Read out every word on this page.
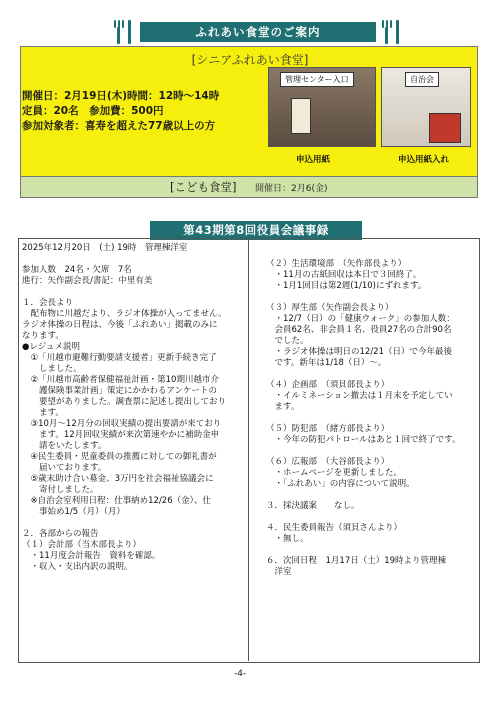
ふれあい食堂のご案内
[シニアふれあい食堂]
開催日：2月19日(木)時間：12時～14時
定員：20名　参加費：500円
参加対象者：喜寿を超えた77歳以上の方
管理センター入口	自治会
申込用紙	申込用紙入れ
[こども食堂] 開催日：2月6(金)
第43期第8回役員会議事録
2025年12月20日　(土) 19時　管理棟洋室

参加人数　24名・欠席　7名
進行：矢作副会長/書記：中里有美

１．会長より
　配布物に川越だより、ラジオ体操が入ってません。
ラジオ体操の日程は、今後「ふれあい」掲載のみに
なります。
●レジュメ説明
　①「川越市避難行動要請支援者」更新手続き完了
　　しました。
　②「川越市高齢者保健福祉計画・第10期川越市介
　　護保険事業計画」策定にかかわるアンケートの
　　要望がありました。調査票に記述し提出しており
　　ます。
　③10月～12月分の回収実績の提出要請が来ており
　　ます。12月回収実績が来次第速やかに補助金申
　　請をいたします。
　④民生委員・児童委員の推薦に対しての御礼書が
　　届いております。
　⑤歳末助け合い募金、3万円を社会福祉協議会に
　　寄付しました。
　※自治会室利用日程：仕事納め12/26（金）、仕
　　事始め1/5（月）（月）

２．各部からの報告
（１）会計部（当木部長より）
　・11月度会計報告　資料を確認。
　・収入・支出内訳の説明。
（２）生活環境部　（矢作部長より）
　・11月の古紙回収は本日で３回終了。
　・1月1回目は第2週(1/10)にずれます。

（３）厚生部（矢作副会長より）
　・12/7（日）の「健康ウォーク」の参加人数：
　会員62名、非会員１名、役員27名の合計90名
　でした。
　・ラジオ体操は明日の12/21（日）で今年最後
　です。新年は1/18（日）～。

（４）企画部　（須貝部長より）
　・イルミネーション撤去は１月末を予定してい
　ます。

（５）防犯部　（緒方部長より）
　・今年の防犯パトロールはあと１回で終了です。

（６）広報部　（大谷部長より）
　・ホームページを更新しました。
　・「ふれあい」の内容について説明。

３．採決議案　　なし。

４．民生委員報告（須貝さんより）
　・無し。

６．次回日程　1月17日（土）19時より管理棟
　洋室
-4-
